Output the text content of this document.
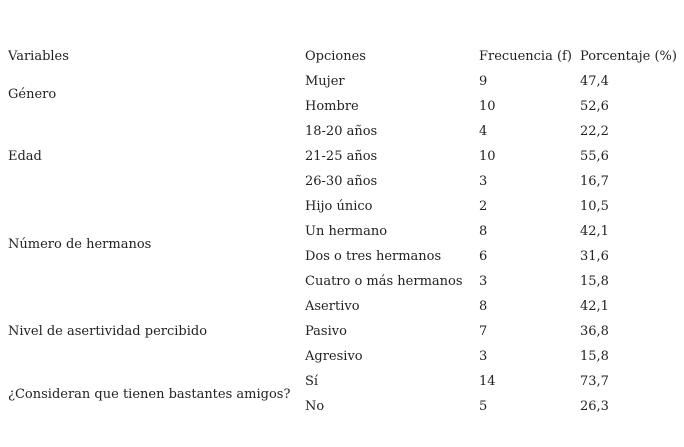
Variables	Opciones	Frecuencia (f)	Porcentaje (%)
Género	Mujer	9	47,4
	Hombre	10	52,6
Edad	18-20 años	4	22,2
	21-25 años	10	55,6
	26-30 años	3	16,7
Número de hermanos	Hijo único	2	10,5
	Un hermano	8	42,1
	Dos o tres hermanos	6	31,6
	Cuatro o más hermanos	3	15,8
Nivel de asertividad percibido	Asertivo	8	42,1
	Pasivo	7	36,8
	Agresivo	3	15,8
¿Consideran que tienen bastantes amigos?	Sí	14	73,7
	No	5	26,3
